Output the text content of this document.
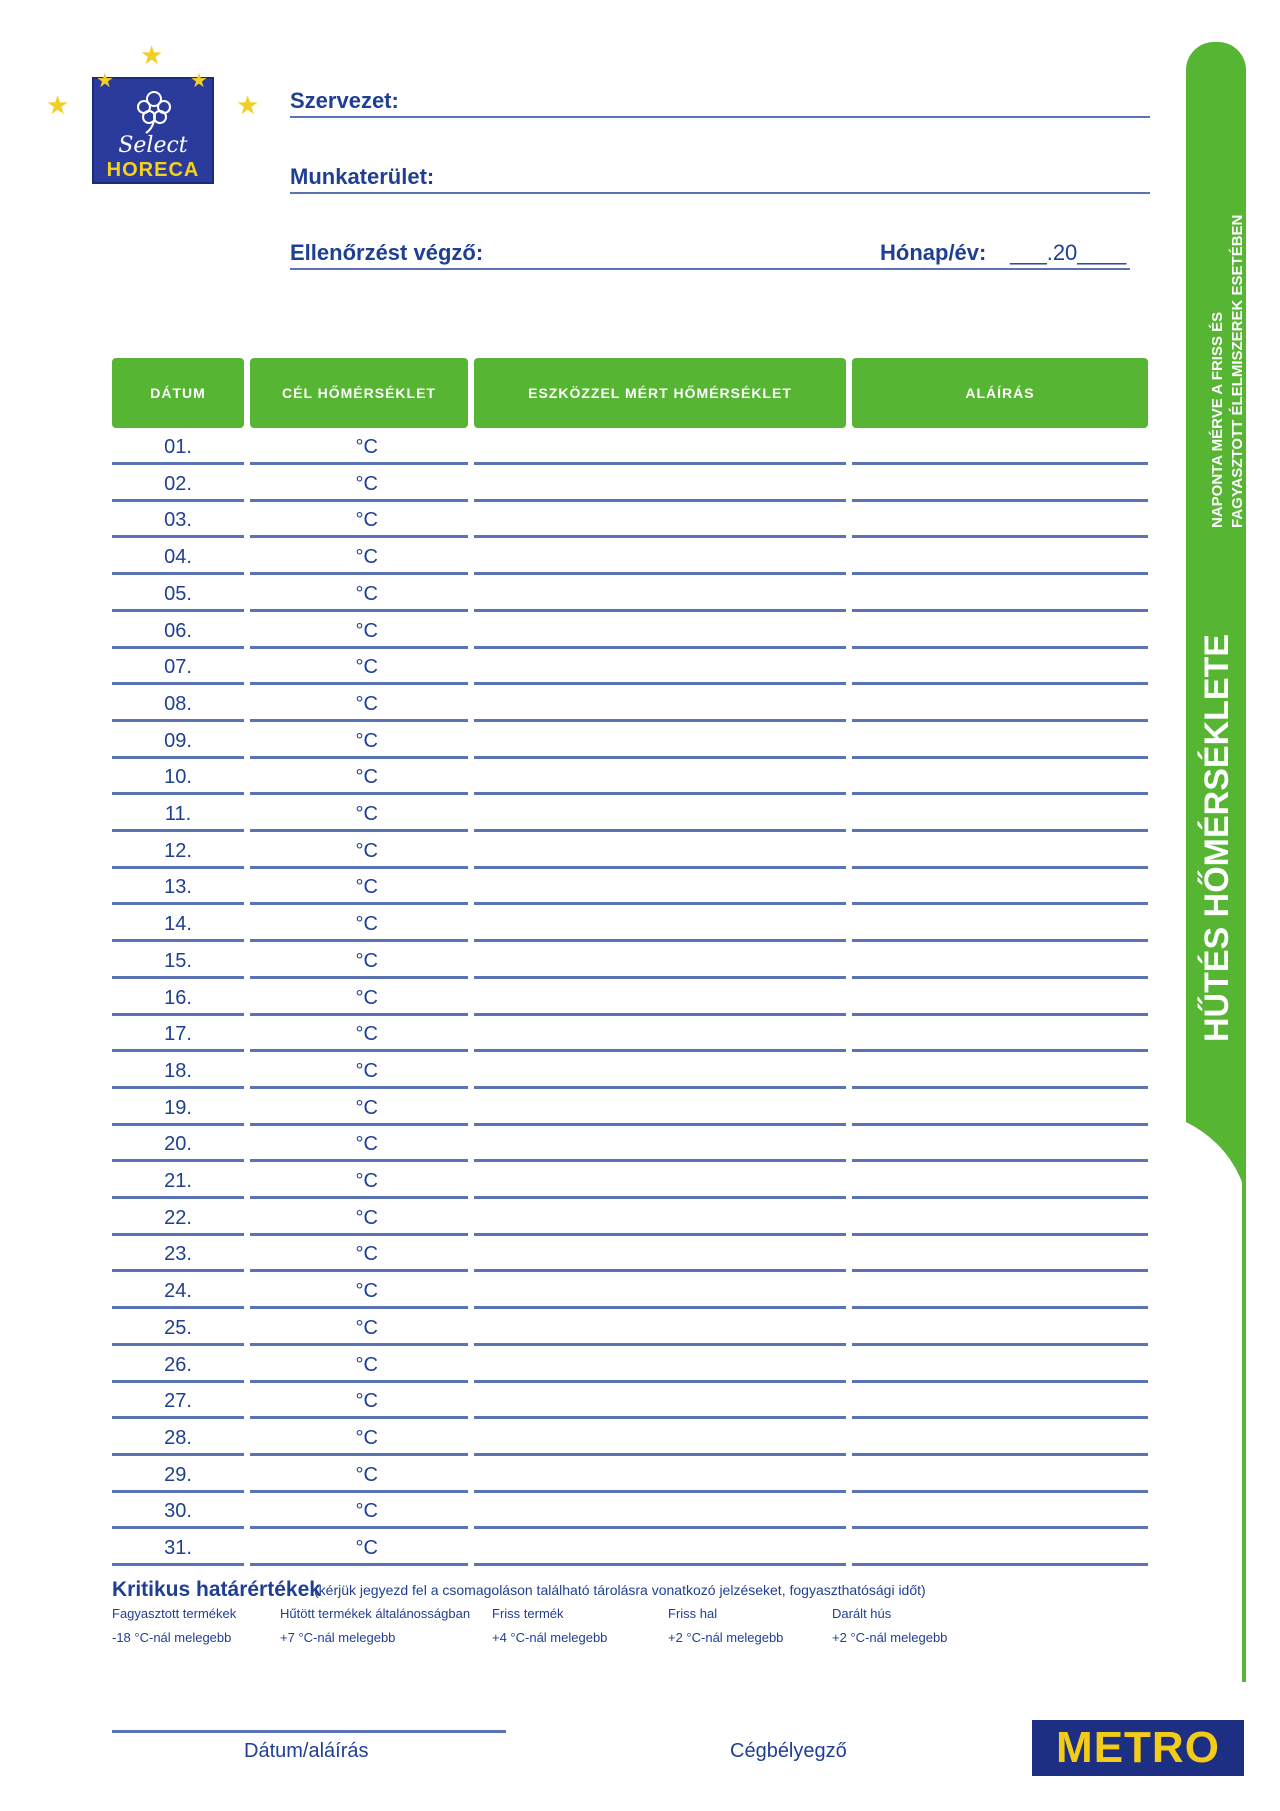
Select
HORECA
★
★	★
★	★ Szervezet:
Munkaterület:
Ellenőrzést végző:	Hónap/év: ___.20____
DÁTUM	CÉL HŐMÉRSÉKLET	ESZKÖZZEL MÉRT HŐMÉRSÉKLET	ALÁÍRÁS
01.	°C
02.	°C
03.	°C
04.	°C
05.	°C
06.	°C
07.	°C
08.	°C
09.	°C
10.	°C
11.	°C
12.	°C
13.	°C
14.	°C
15.	°C
16.	°C
17.	°C
18.	°C
19.	°C
20.	°C
21.	°C
22.	°C
23.	°C
24.	°C
25.	°C
26.	°C
27.	°C
28.	°C
29.	°C
30.	°C
31.	°C
HŰTÉS HŐMÉRSÉKLETE
NAPONTA MÉRVE A FRISS ÉS FAGYASZTOTT ÉLELMISZEREK ESETÉBEN
Kritikus határértékek
(kérjük jegyezd fel a csomagoláson található tárolásra vonatkozó jelzéseket, fogyaszthatósági időt)
Fagyasztott termékek
-18 °C-nál melegebb
Hűtött termékek általánosságban
+7 °C-nál melegebb
Friss termék
+4 °C-nál melegebb
Friss hal
+2 °C-nál melegebb
Darált hús
+2 °C-nál melegebb
Dátum/aláírás	Cégbélyegző	METRO
